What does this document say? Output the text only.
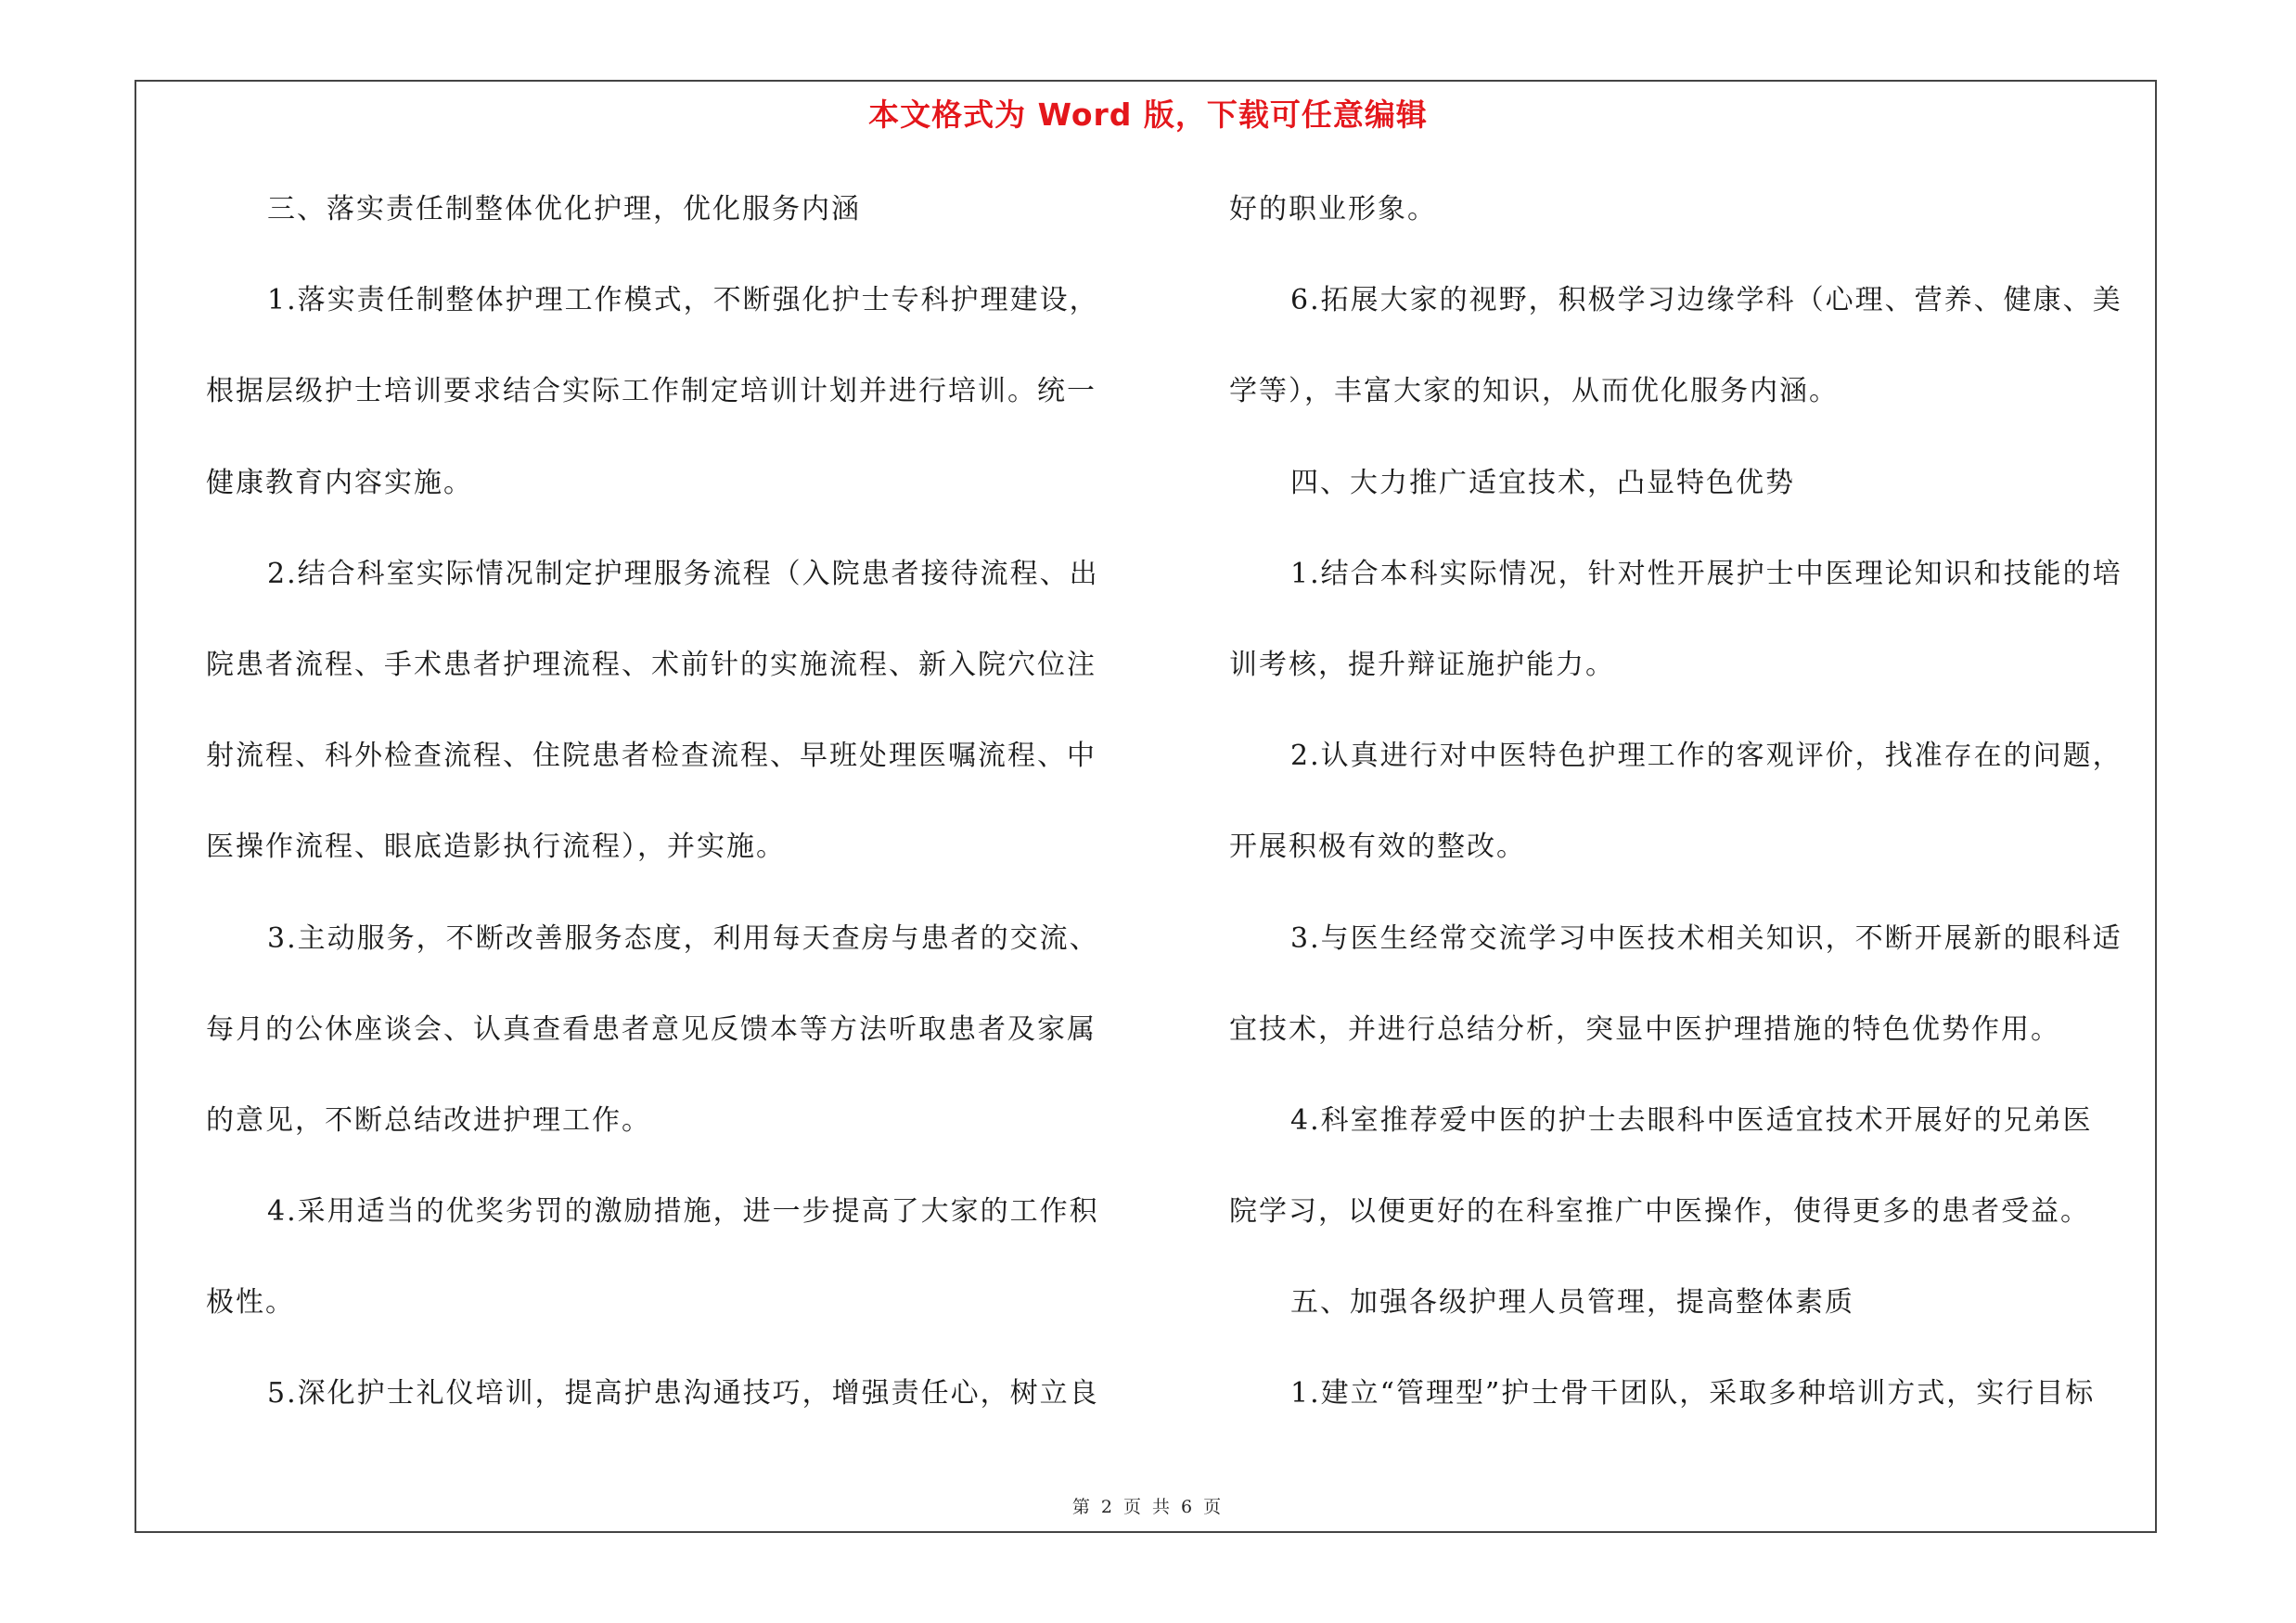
本文格式为 Word 版，下载可任意编辑
三、落实责任制整体优化护理，优化服务内涵
1.落实责任制整体护理工作模式，不断强化护士专科护理建设，
根据层级护士培训要求结合实际工作制定培训计划并进行培训。统一
健康教育内容实施。
2.结合科室实际情况制定护理服务流程（入院患者接待流程、出
院患者流程、手术患者护理流程、术前针的实施流程、新入院穴位注
射流程、科外检查流程、住院患者检查流程、早班处理医嘱流程、中
医操作流程、眼底造影执行流程），并实施。
3.主动服务，不断改善服务态度，利用每天查房与患者的交流、
每月的公休座谈会、认真查看患者意见反馈本等方法听取患者及家属
的意见，不断总结改进护理工作。
4.采用适当的优奖劣罚的激励措施，进一步提高了大家的工作积
极性。
5.深化护士礼仪培训，提高护患沟通技巧，增强责任心，树立良
好的职业形象。
6.拓展大家的视野，积极学习边缘学科（心理、营养、健康、美
学等），丰富大家的知识，从而优化服务内涵。
四、大力推广适宜技术，凸显特色优势
1.结合本科实际情况，针对性开展护士中医理论知识和技能的培
训考核，提升辩证施护能力。
2.认真进行对中医特色护理工作的客观评价，找准存在的问题，
开展积极有效的整改。
3.与医生经常交流学习中医技术相关知识，不断开展新的眼科适
宜技术，并进行总结分析，突显中医护理措施的特色优势作用。
4.科室推荐爱中医的护士去眼科中医适宜技术开展好的兄弟医
院学习，以便更好的在科室推广中医操作，使得更多的患者受益。
五、加强各级护理人员管理，提高整体素质
1.建立“管理型”护士骨干团队，采取多种培训方式，实行目标
第 2 页 共 6 页
